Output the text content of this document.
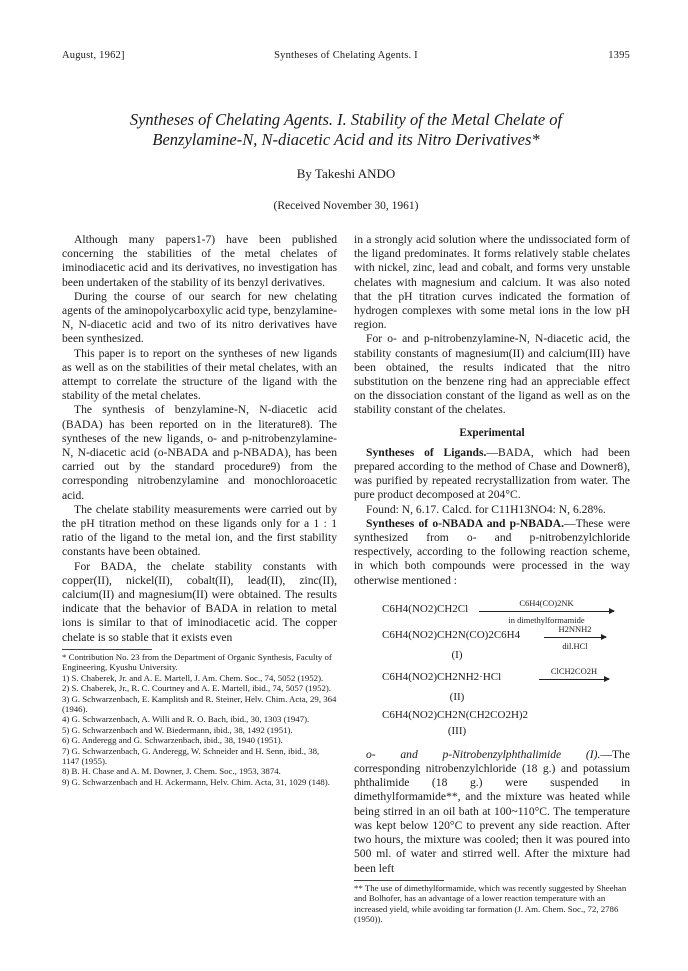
August, 1962]	Syntheses of Chelating Agents. I	1395
Syntheses of Chelating Agents. I. Stability of the Metal Chelate of
Benzylamine-N, N-diacetic Acid and its Nitro Derivatives*
By Takeshi ANDO
(Received November 30, 1961)

Although many papers1-7) have been published concerning the stabilities of the metal chelates of iminodiacetic acid and its derivatives, no investigation has been undertaken of the stability of its benzyl derivatives.

During the course of our search for new chelating agents of the aminopolycarboxylic acid type, benzylamine-N, N-diacetic acid and two of its nitro derivatives have been synthesized.

This paper is to report on the syntheses of new ligands as well as on the stabilities of their metal chelates, with an attempt to correlate the structure of the ligand with the stability of the metal chelates.

The synthesis of benzylamine-N, N-diacetic acid (BADA) has been reported on in the literature8). The syntheses of the new ligands, o- and p-nitrobenzylamine-N, N-diacetic acid (o-NBADA and p-NBADA), has been carried out by the standard procedure9) from the corresponding nitrobenzylamine and monochloroacetic acid.

The chelate stability measurements were carried out by the pH titration method on these ligands only for a 1 : 1 ratio of the ligand to the metal ion, and the first stability constants have been obtained.

For BADA, the chelate stability constants with copper(II), nickel(II), cobalt(II), lead(II), zinc(II), calcium(II) and magnesium(II) were obtained. The results indicate that the behavior of BADA in relation to metal ions is similar to that of iminodiacetic acid. The copper chelate is so stable that it exists even

* Contribution No. 23 from the Department of Organic Synthesis, Faculty of Engineering, Kyushu University.
1) S. Chaberek, Jr. and A. E. Martell, J. Am. Chem. Soc., 74, 5052 (1952).
2) S. Chaberek, Jr., R. C. Courtney and A. E. Martell, ibid., 74, 5057 (1952).
3) G. Schwarzenbach, E. Kamplitsh and R. Steiner, Helv. Chim. Acta, 29, 364 (1946).
4) G. Schwarzenbach, A. Willi and R. O. Bach, ibid., 30, 1303 (1947).
5) G. Schwarzenbach and W. Biedermann, ibid., 38, 1492 (1951).
6) G. Anderegg and G. Schwarzenbach, ibid., 38, 1940 (1951).
7) G. Schwarzenbach, G. Anderegg, W. Schneider and H. Senn, ibid., 38, 1147 (1955).
8) B. H. Chase and A. M. Downer, J. Chem. Soc., 1953, 3874.
9) G. Schwarzenbach and H. Ackermann, Helv. Chim. Acta, 31, 1029 (148).

in a strongly acid solution where the undissociated form of the ligand predominates. It forms relatively stable chelates with nickel, zinc, lead and cobalt, and forms very unstable chelates with magnesium and calcium. It was also noted that the pH titration curves indicated the formation of hydrogen complexes with some metal ions in the low pH region.

For o- and p-nitrobenzylamine-N, N-diacetic acid, the stability constants of magnesium(II) and calcium(III) have been obtained, the results indicated that the nitro substitution on the benzene ring had an appreciable effect on the dissociation constant of the ligand as well as on the stability constant of the chelates.

Experimental

Syntheses of Ligands.—BADA, which had been prepared according to the method of Chase and Downer8), was purified by repeated recrystallization from water. The pure product decomposed at 204°C.

Found: N, 6.17. Calcd. for C11H13NO4: N, 6.28%.

Syntheses of o-NBADA and p-NBADA.—These were synthesized from o- and p-nitrobenzylchloride respectively, according to the following reaction scheme, in which both compounds were processed in the way otherwise mentioned :

C6H4(NO2)CH2Cl	C6H4(CO)2NK
in dimethylformamide
C6H4(NO2)CH2N(CO)2C6H4	H2NNH2
dil.HCl
(I)
C6H4(NO2)CH2NH2·HCl	ClCH2CO2H
(II)
C6H4(NO2)CH2N(CH2CO2H)2
(III)

o- and p-Nitrobenzylphthalimide (I).—The corresponding nitrobenzylchloride (18 g.) and potassium phthalimide (18 g.) were suspended in dimethylformamide**, and the mixture was heated while being stirred in an oil bath at 100~110°C. The temperature was kept below 120°C to prevent any side reaction. After two hours, the mixture was cooled; then it was poured into 500 ml. of water and stirred well. After the mixture had been left

** The use of dimethylformamide, which was recently suggested by Sheehan and Bolhofer, has an advantage of a lower reaction temperature with an increased yield, while avoiding tar formation (J. Am. Chem. Soc., 72, 2786 (1950)).
